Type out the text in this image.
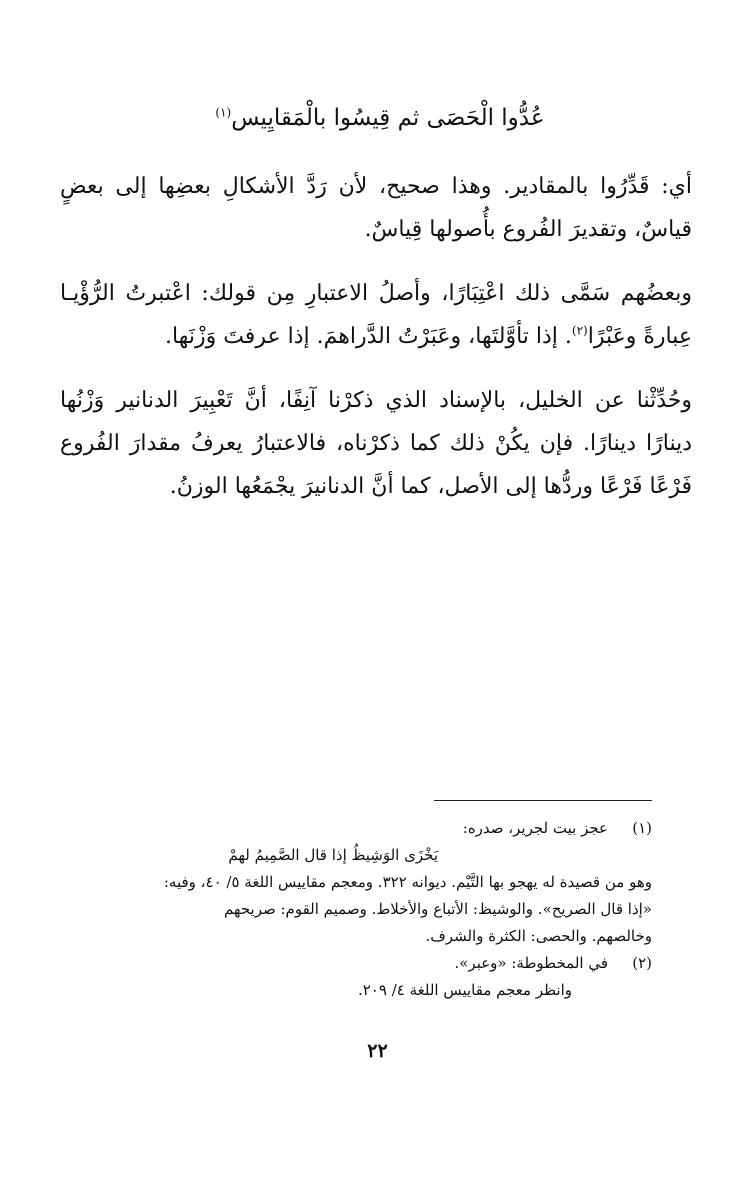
عُدُّوا الْحَصَى ثم قِيسُوا بالْمَقايِيس$^{(١)}$

أي: قَدِّرُوا بالمقادير. وهذا صحيح، لأن رَدَّ الأشكالِ بعضِها إلى بعضٍ قياسٌ، وتقديرَ الفُروع بأُصولها قِياسٌ.

وبعضُهم سَمَّى ذلك اعْتِبَارًا، وأصلُ الاعتبارِ مِن قولك: اعْتبرتُ الرُّؤْيـا عِبارةً وعَبْرًا$^{(٢)}$. إذا تأوَّلتَها، وعَبَرْتُ الدَّراهمَ. إذا عرفتَ وَزْنَها.

وحُدِّثْنا عن الخليل، بالإسناد الذي ذكرْنا آنِفًا، أنَّ تَعْبِيرَ الدنانير وَزْنُها دينارًا دينارًا. فإن يكُنْ ذلك كما ذكرْناه، فالاعتبارُ يعرفُ مقدارَ الفُروع فَرْعًا فَرْعًا وردُّها إلى الأصل، كما أنَّ الدنانيرَ يجْمَعُها الوزنُ.

(١)
عجز بيت لجرير، صدره:
يَخْزَى الوَشِيظُ إذا قال الصَّمِيمُ لهمْ
وهو من قصيدة له يهجو بها التَّيْم. ديوانه ٣٢٢. ومعجم مقاييس اللغة ٥/ ٤٠، وفيه:
«إذا قال الصريح». والوشيظ: الأتباع والأخلاط. وصميم القوم: صريحهم
وخالصهم. والحصى: الكثرة والشرف.
(٢)
في المخطوطة: «وعبر».
وانظر معجم مقاييس اللغة ٤/ ٢٠٩.
٢٢
